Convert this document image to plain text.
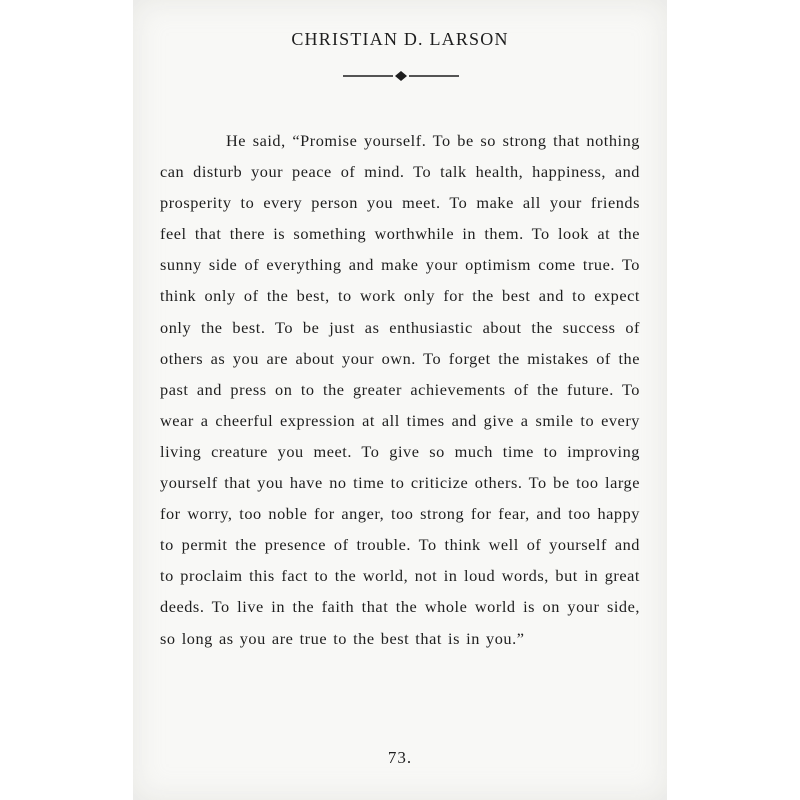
CHRISTIAN D. LARSON

He said, “Promise yourself. To be so strong that nothing can disturb your peace of mind. To talk health, happiness, and prosperity to every person you meet. To make all your friends feel that there is something worthwhile in them. To look at the sunny side of everything and make your optimism come true. To think only of the best, to work only for the best and to expect only the best. To be just as enthusiastic about the success of others as you are about your own. To forget the mistakes of the past and press on to the greater achievements of the future. To wear a cheerful expression at all times and give a smile to every living creature you meet. To give so much time to improving yourself that you have no time to criticize others. To be too large for worry, too noble for anger, too strong for fear, and too happy to permit the presence of trouble. To think well of yourself and to proclaim this fact to the world, not in loud words, but in great deeds. To live in the faith that the whole world is on your side, so long as you are true to the best that is in you.”

73.
